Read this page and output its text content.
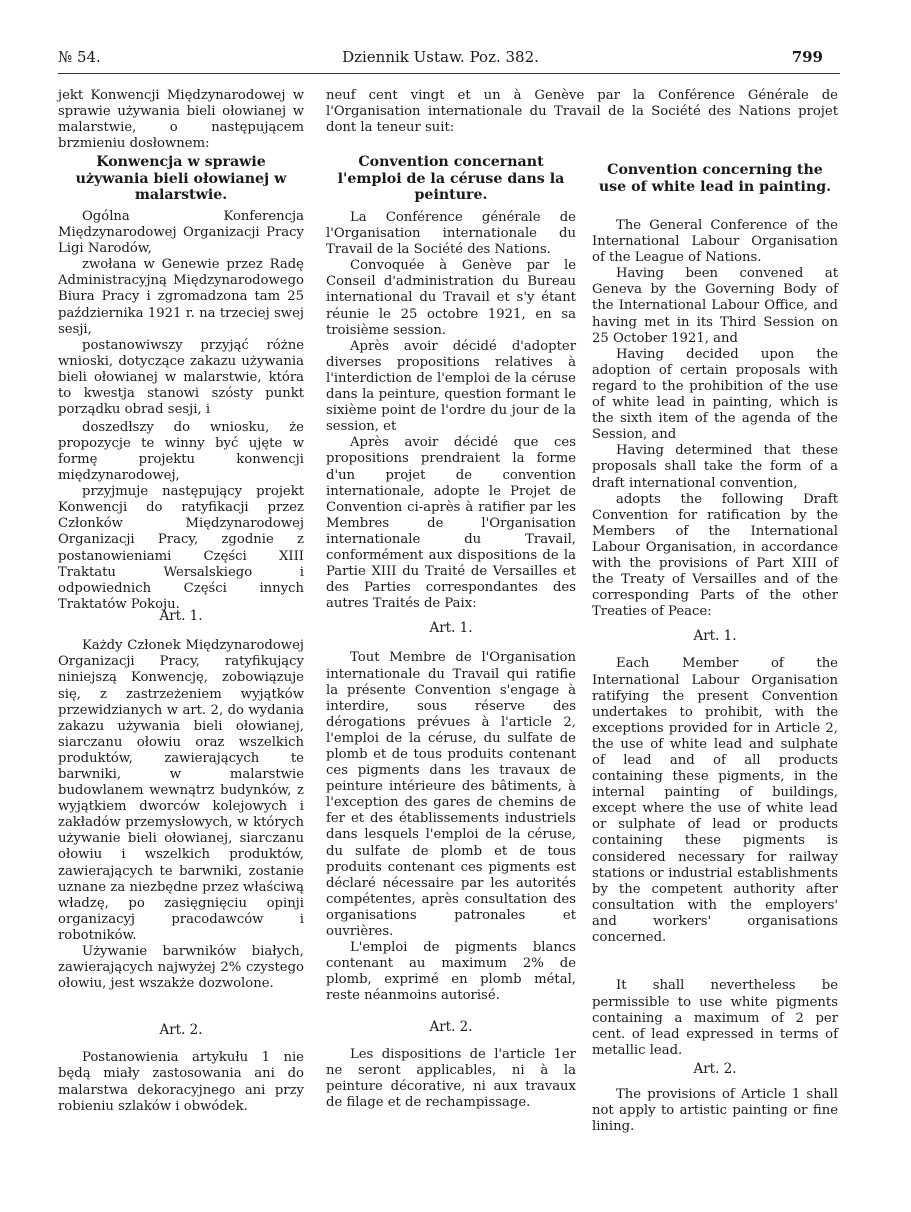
№ 54.	Dziennik Ustaw. Poz. 382.	799
jekt Konwencji Międzynarodowej w sprawie używania bieli ołowianej w malarstwie, o następującem brzmieniu dosłownem:
Konwencja w sprawie używania bieli ołowianej w malarstwie.
Ogólna Konferencja Międzynarodowej Organizacji Pracy Ligi Narodów,
zwołana w Genewie przez Radę Administracyjną Międzynarodowego Biura Pracy i zgromadzona tam 25 października 1921 r. na trzeciej swej sesji,
postanowiwszy przyjąć różne wnioski, dotyczące zakazu używania bieli ołowianej w malarstwie, która to kwestja stanowi szósty punkt porządku obrad sesji, i
doszedłszy do wniosku, że propozycje te winny być ujęte w formę projektu konwencji międzynarodowej,
przyjmuje następujący projekt Konwencji do ratyfikacji przez Członków Międzynarodowej Organizacji Pracy, zgodnie z postanowieniami Części XIII Traktatu Wersalskiego i odpowiednich Części innych Traktatów Pokoju.
Art. 1.
Każdy Członek Międzynarodowej Organizacji Pracy, ratyfikujący niniejszą Konwencję, zobowiązuje się, z zastrzeżeniem wyjątków przewidzianych w art. 2, do wydania zakazu używania bieli ołowianej, siarczanu ołowiu oraz wszelkich produktów, zawierających te barwniki, w malarstwie budowlanem wewnątrz budynków, z wyjątkiem dworców kolejowych i zakładów przemysłowych, w których używanie bieli ołowianej, siarczanu ołowiu i wszelkich produktów, zawierających te barwniki, zostanie uznane za niezbędne przez właściwą władzę, po zasięgnięciu opinji organizacyj pracodawców i robotników.
Używanie barwników białych, zawierających najwyżej 2% czystego ołowiu, jest wszakże dozwolone.
Art. 2.
Postanowienia artykułu 1 nie będą miały zastosowania ani do malarstwa dekoracyjnego ani przy robieniu szlaków i obwódek.
Convention concernant l'emploi de la céruse dans la peinture.
La Conférence générale de l'Organisation internationale du Travail de la Société des Nations.
Convoquée à Genève par le Conseil d'administration du Bureau international du Travail et s'y étant réunie le 25 octobre 1921, en sa troisième session.
Après avoir décidé d'adopter diverses propositions relatives à l'interdiction de l'emploi de la céruse dans la peinture, question formant le sixième point de l'ordre du jour de la session, et
Après avoir décidé que ces propositions prendraient la forme d'un projet de convention internationale, adopte le Projet de Convention ci-après à ratifier par les Membres de l'Organisation internationale du Travail, conformément aux dispositions de la Partie XIII du Traité de Versailles et des Parties correspondantes des autres Traités de Paix:
Art. 1.
Tout Membre de l'Organisation internationale du Travail qui ratifie la présente Convention s'engage à interdire, sous réserve des dérogations prévues à l'article 2, l'emploi de la céruse, du sulfate de plomb et de tous produits contenant ces pigments dans les travaux de peinture intérieure des bâtiments, à l'exception des gares de chemins de fer et des établissements industriels dans lesquels l'emploi de la céruse, du sulfate de plomb et de tous produits contenant ces pigments est déclaré nécessaire par les autorités compétentes, après consultation des organisations patronales et ouvrières.
L'emploi de pigments blancs contenant au maximum 2% de plomb, exprimé en plomb métal, reste néanmoins autorisé.
Art. 2.
Les dispositions de l'article 1er ne seront applicables, ni à la peinture décorative, ni aux travaux de filage et de rechampissage.
neuf cent vingt et un à Genève par la Conférence Générale de l'Organisation internationale du Travail de la Société des Nations projet dont la teneur suit:
Convention concerning the use of white lead in painting.
The General Conference of the International Labour Organisation of the League of Nations.
Having been convened at Geneva by the Governing Body of the International Labour Office, and having met in its Third Session on 25 October 1921, and
Having decided upon the adoption of certain proposals with regard to the prohibition of the use of white lead in painting, which is the sixth item of the agenda of the Session, and
Having determined that these proposals shall take the form of a draft international convention,
adopts the following Draft Convention for ratification by the Members of the International Labour Organisation, in accordance with the provisions of Part XIII of the Treaty of Versailles and of the corresponding Parts of the other Treaties of Peace:
Art. 1.
Each Member of the International Labour Organisation ratifying the present Convention undertakes to prohibit, with the exceptions provided for in Article 2, the use of white lead and sulphate of lead and of all products containing these pigments, in the internal painting of buildings, except where the use of white lead or sulphate of lead or products containing these pigments is considered necessary for railway stations or industrial establishments by the competent authority after consultation with the employers' and workers' organisations concerned.
It shall nevertheless be permissible to use white pigments containing a maximum of 2 per cent. of lead expressed in terms of metallic lead.
Art. 2.
The provisions of Article 1 shall not apply to artistic painting or fine lining.
